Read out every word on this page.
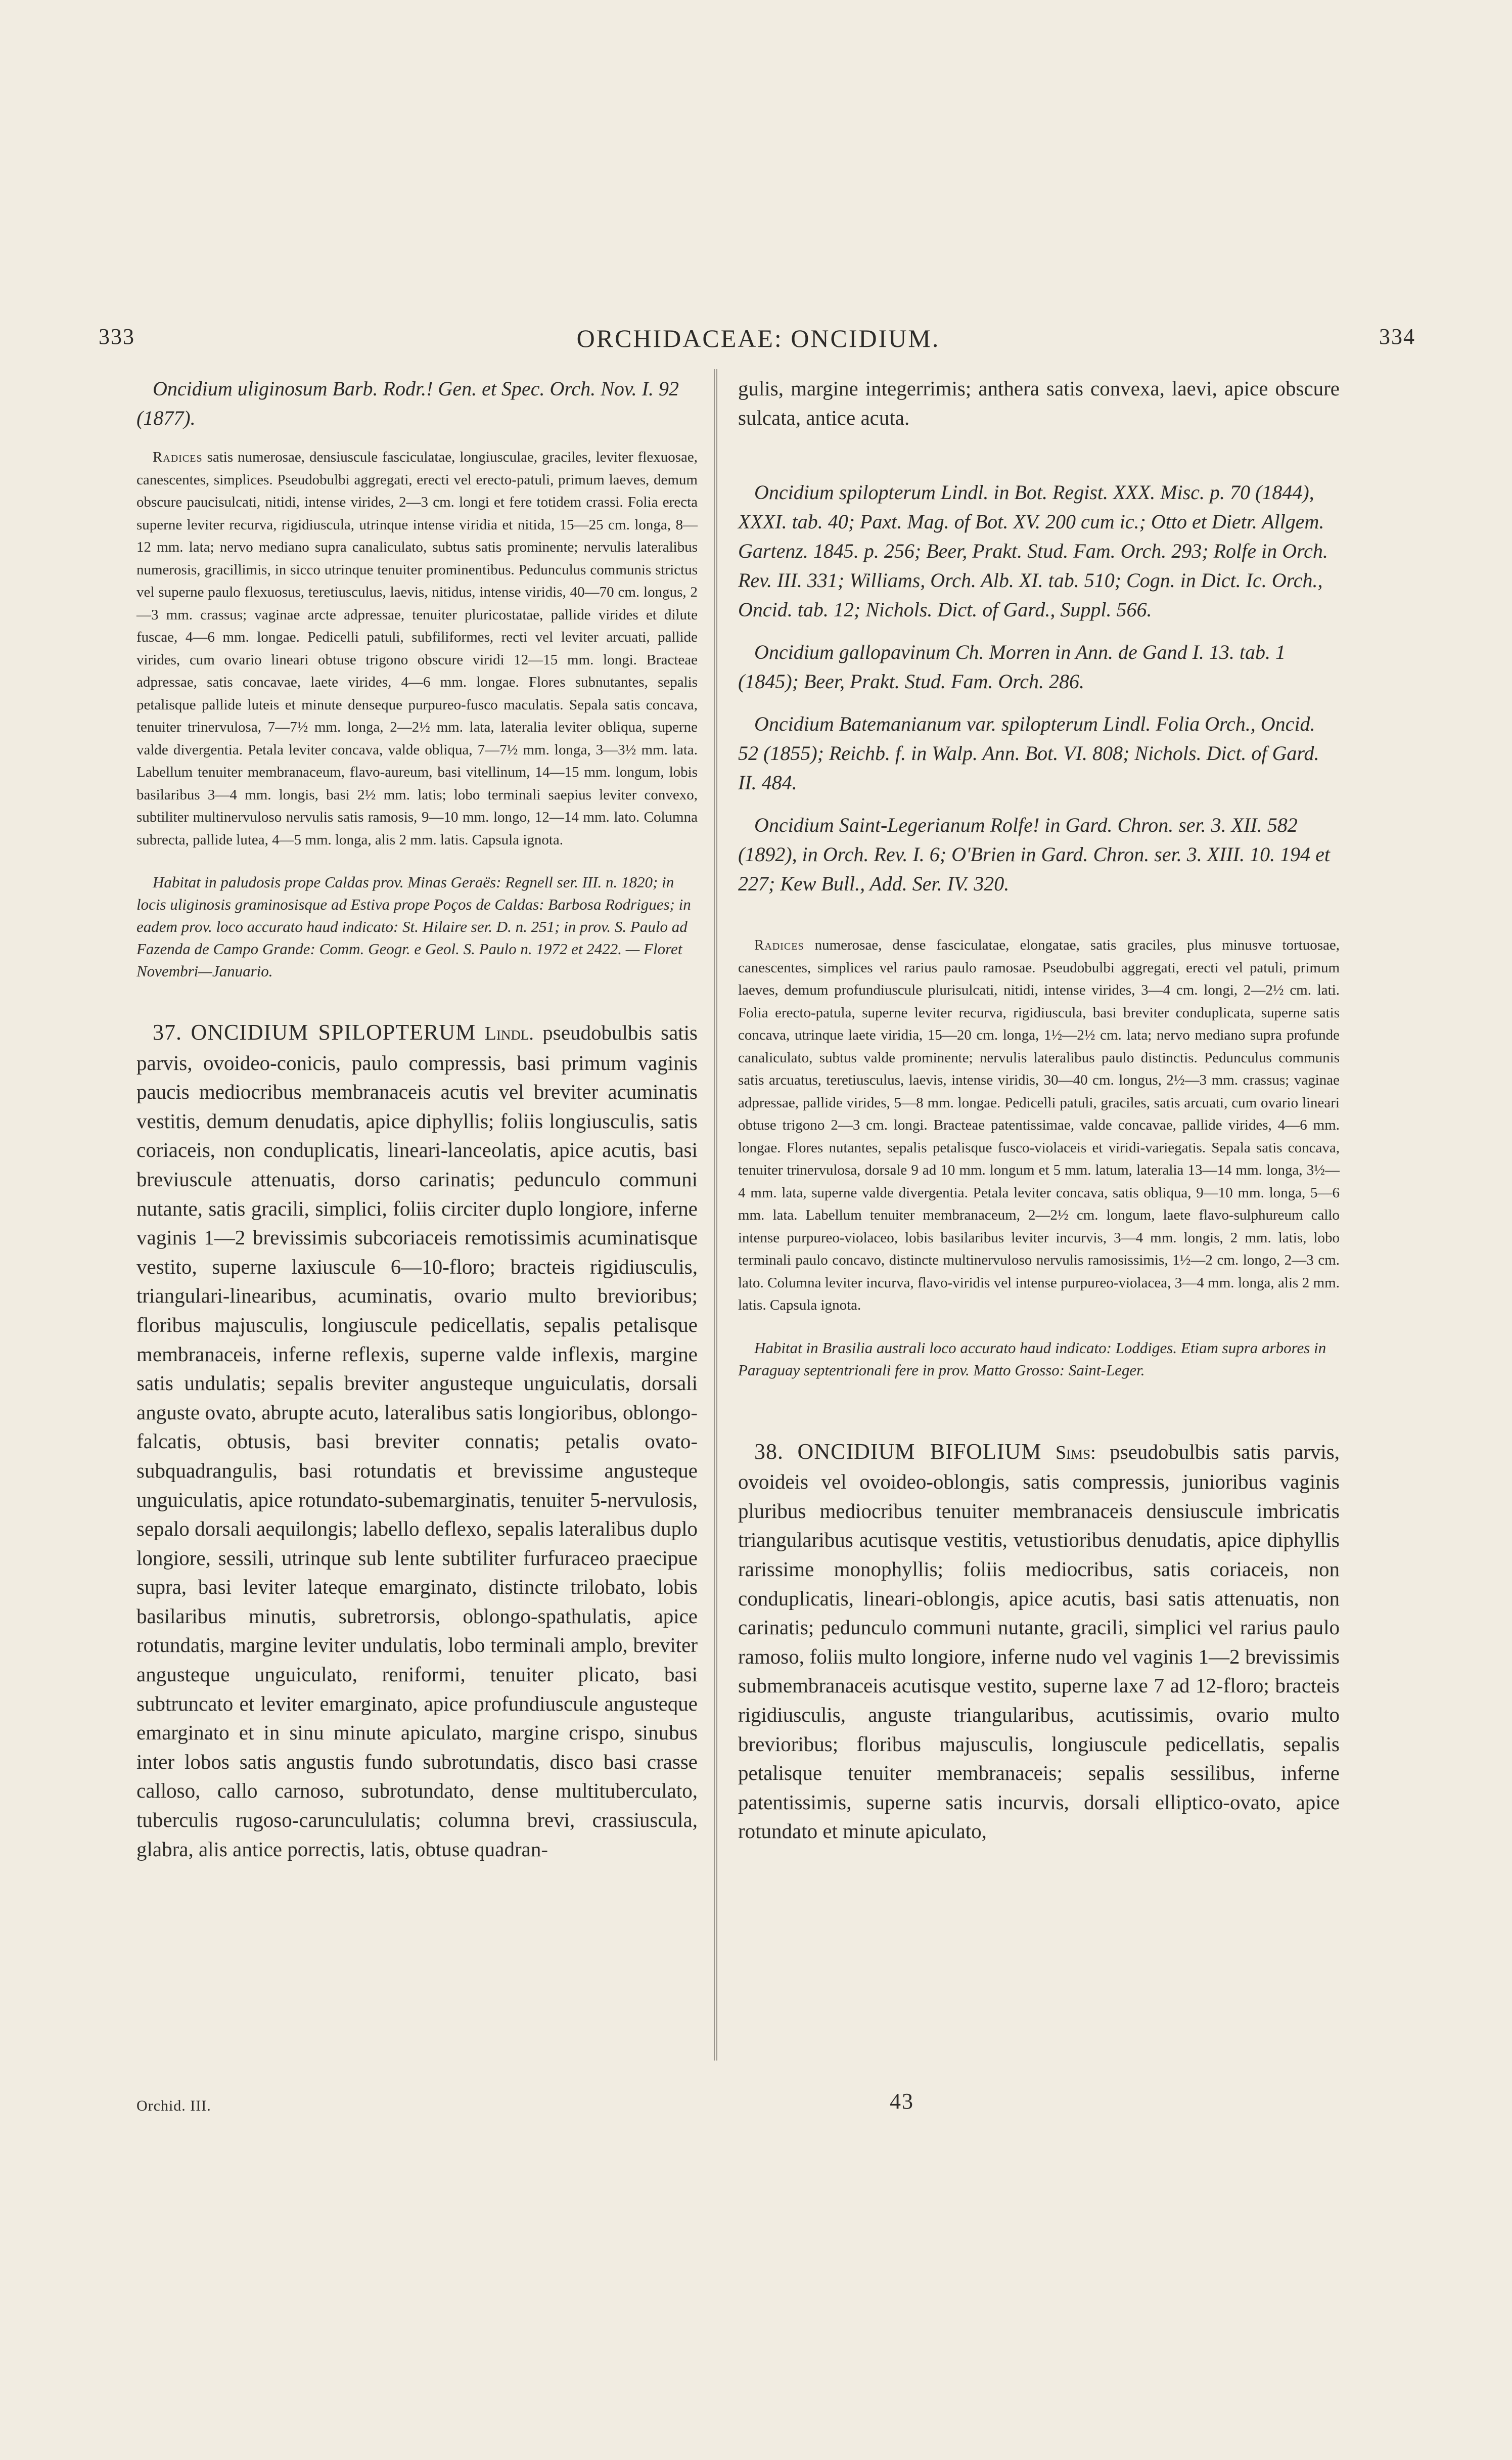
333	ORCHIDACEAE: ONCIDIUM.	334

Oncidium uliginosum Barb. Rodr.! Gen. et Spec. Orch. Nov. I. 92 (1877).

Radices satis numerosae, densiuscule fasciculatae, longiusculae, graciles, leviter flexuosae, canescentes, simplices. Pseudobulbi aggregati, erecti vel erecto-patuli, primum laeves, demum obscure paucisulcati, nitidi, intense virides, 2—3 cm. longi et fere totidem crassi. Folia erecta superne leviter recurva, rigidiuscula, utrinque intense viridia et nitida, 15—25 cm. longa, 8—12 mm. lata; nervo mediano supra canaliculato, subtus satis prominente; nervulis lateralibus numerosis, gracillimis, in sicco utrinque tenuiter prominentibus. Pedunculus communis strictus vel superne paulo flexuosus, teretiusculus, laevis, nitidus, intense viridis, 40—70 cm. longus, 2—3 mm. crassus; vaginae arcte adpressae, tenuiter pluricostatae, pallide virides et dilute fuscae, 4—6 mm. longae. Pedicelli patuli, subfiliformes, recti vel leviter arcuati, pallide virides, cum ovario lineari obtuse trigono obscure viridi 12—15 mm. longi. Bracteae adpressae, satis concavae, laete virides, 4—6 mm. longae. Flores subnutantes, sepalis petalisque pallide luteis et minute denseque purpureo-fusco maculatis. Sepala satis concava, tenuiter trinervulosa, 7—7½ mm. longa, 2—2½ mm. lata, lateralia leviter obliqua, superne valde divergentia. Petala leviter concava, valde obliqua, 7—7½ mm. longa, 3—3½ mm. lata. Labellum tenuiter membranaceum, flavo-aureum, basi vitellinum, 14—15 mm. longum, lobis basilaribus 3—4 mm. longis, basi 2½ mm. latis; lobo terminali saepius leviter convexo, subtiliter multinervuloso nervulis satis ramosis, 9—10 mm. longo, 12—14 mm. lato. Columna subrecta, pallide lutea, 4—5 mm. longa, alis 2 mm. latis. Capsula ignota.

Habitat in paludosis prope Caldas prov. Minas Geraës: Regnell ser. III. n. 1820; in locis uliginosis graminosisque ad Estiva prope Poços de Caldas: Barbosa Rodrigues; in eadem prov. loco accurato haud indicato: St. Hilaire ser. D. n. 251; in prov. S. Paulo ad Fazenda de Campo Grande: Comm. Geogr. e Geol. S. Paulo n. 1972 et 2422. — Floret Novembri—Januario.

37. ONCIDIUM SPILOPTERUM Lindl. pseudobulbis satis parvis, ovoideo-conicis, paulo compressis, basi primum vaginis paucis mediocribus membranaceis acutis vel breviter acuminatis vestitis, demum denudatis, apice diphyllis; foliis longiusculis, satis coriaceis, non conduplicatis, lineari-lanceolatis, apice acutis, basi breviuscule attenuatis, dorso carinatis; pedunculo communi nutante, satis gracili, simplici, foliis circiter duplo longiore, inferne vaginis 1—2 brevissimis subcoriaceis remotissimis acuminatisque vestito, superne laxiuscule 6—10-floro; bracteis rigidiusculis, triangulari-linearibus, acuminatis, ovario multo brevioribus; floribus majusculis, longiuscule pedicellatis, sepalis petalisque membranaceis, inferne reflexis, superne valde inflexis, margine satis undulatis; sepalis breviter angusteque unguiculatis, dorsali anguste ovato, abrupte acuto, lateralibus satis longioribus, oblongo-falcatis, obtusis, basi breviter connatis; petalis ovato-subquadrangulis, basi rotundatis et brevissime angusteque unguiculatis, apice rotundato-subemarginatis, tenuiter 5-nervulosis, sepalo dorsali aequilongis; labello deflexo, sepalis lateralibus duplo longiore, sessili, utrinque sub lente subtiliter furfuraceo praecipue supra, basi leviter lateque emarginato, distincte trilobato, lobis basilaribus minutis, subretrorsis, oblongo-spathulatis, apice rotundatis, margine leviter undulatis, lobo terminali amplo, breviter angusteque unguiculato, reniformi, tenuiter plicato, basi subtruncato et leviter emarginato, apice profundiuscule angusteque emarginato et in sinu minute apiculato, margine crispo, sinubus inter lobos satis angustis fundo subrotundatis, disco basi crasse calloso, callo carnoso, subrotundato, dense multituberculato, tuberculis rugoso-caruncululatis; columna brevi, crassiuscula, glabra, alis antice porrectis, latis, obtuse quadran-

gulis, margine integerrimis; anthera satis convexa, laevi, apice obscure sulcata, antice acuta.

Oncidium spilopterum Lindl. in Bot. Regist. XXX. Misc. p. 70 (1844), XXXI. tab. 40; Paxt. Mag. of Bot. XV. 200 cum ic.; Otto et Dietr. Allgem. Gartenz. 1845. p. 256; Beer, Prakt. Stud. Fam. Orch. 293; Rolfe in Orch. Rev. III. 331; Williams, Orch. Alb. XI. tab. 510; Cogn. in Dict. Ic. Orch., Oncid. tab. 12; Nichols. Dict. of Gard., Suppl. 566.

Oncidium gallopavinum Ch. Morren in Ann. de Gand I. 13. tab. 1 (1845); Beer, Prakt. Stud. Fam. Orch. 286.

Oncidium Batemanianum var. spilopterum Lindl. Folia Orch., Oncid. 52 (1855); Reichb. f. in Walp. Ann. Bot. VI. 808; Nichols. Dict. of Gard. II. 484.

Oncidium Saint-Legerianum Rolfe! in Gard. Chron. ser. 3. XII. 582 (1892), in Orch. Rev. I. 6; O'Brien in Gard. Chron. ser. 3. XIII. 10. 194 et 227; Kew Bull., Add. Ser. IV. 320.

Radices numerosae, dense fasciculatae, elongatae, satis graciles, plus minusve tortuosae, canescentes, simplices vel rarius paulo ramosae. Pseudobulbi aggregati, erecti vel patuli, primum laeves, demum profundiuscule plurisulcati, nitidi, intense virides, 3—4 cm. longi, 2—2½ cm. lati. Folia erecto-patula, superne leviter recurva, rigidiuscula, basi breviter conduplicata, superne satis concava, utrinque laete viridia, 15—20 cm. longa, 1½—2½ cm. lata; nervo mediano supra profunde canaliculato, subtus valde prominente; nervulis lateralibus paulo distinctis. Pedunculus communis satis arcuatus, teretiusculus, laevis, intense viridis, 30—40 cm. longus, 2½—3 mm. crassus; vaginae adpressae, pallide virides, 5—8 mm. longae. Pedicelli patuli, graciles, satis arcuati, cum ovario lineari obtuse trigono 2—3 cm. longi. Bracteae patentissimae, valde concavae, pallide virides, 4—6 mm. longae. Flores nutantes, sepalis petalisque fusco-violaceis et viridi-variegatis. Sepala satis concava, tenuiter trinervulosa, dorsale 9 ad 10 mm. longum et 5 mm. latum, lateralia 13—14 mm. longa, 3½—4 mm. lata, superne valde divergentia. Petala leviter concava, satis obliqua, 9—10 mm. longa, 5—6 mm. lata. Labellum tenuiter membranaceum, 2—2½ cm. longum, laete flavo-sulphureum callo intense purpureo-violaceo, lobis basilaribus leviter incurvis, 3—4 mm. longis, 2 mm. latis, lobo terminali paulo concavo, distincte multinervuloso nervulis ramosissimis, 1½—2 cm. longo, 2—3 cm. lato. Columna leviter incurva, flavo-viridis vel intense purpureo-violacea, 3—4 mm. longa, alis 2 mm. latis. Capsula ignota.

Habitat in Brasilia australi loco accurato haud indicato: Loddiges. Etiam supra arbores in Paraguay septentrionali fere in prov. Matto Grosso: Saint-Leger.

38. ONCIDIUM BIFOLIUM Sims: pseudobulbis satis parvis, ovoideis vel ovoideo-oblongis, satis compressis, junioribus vaginis pluribus mediocribus tenuiter membranaceis densiuscule imbricatis triangularibus acutisque vestitis, vetustioribus denudatis, apice diphyllis rarissime monophyllis; foliis mediocribus, satis coriaceis, non conduplicatis, lineari-oblongis, apice acutis, basi satis attenuatis, non carinatis; pedunculo communi nutante, gracili, simplici vel rarius paulo ramoso, foliis multo longiore, inferne nudo vel vaginis 1—2 brevissimis submembranaceis acutisque vestito, superne laxe 7 ad 12-floro; bracteis rigidiusculis, anguste triangularibus, acutissimis, ovario multo brevioribus; floribus majusculis, longiuscule pedicellatis, sepalis petalisque tenuiter membranaceis; sepalis sessilibus, inferne patentissimis, superne satis incurvis, dorsali elliptico-ovato, apice rotundato et minute apiculato,

Orchid. III.	43
